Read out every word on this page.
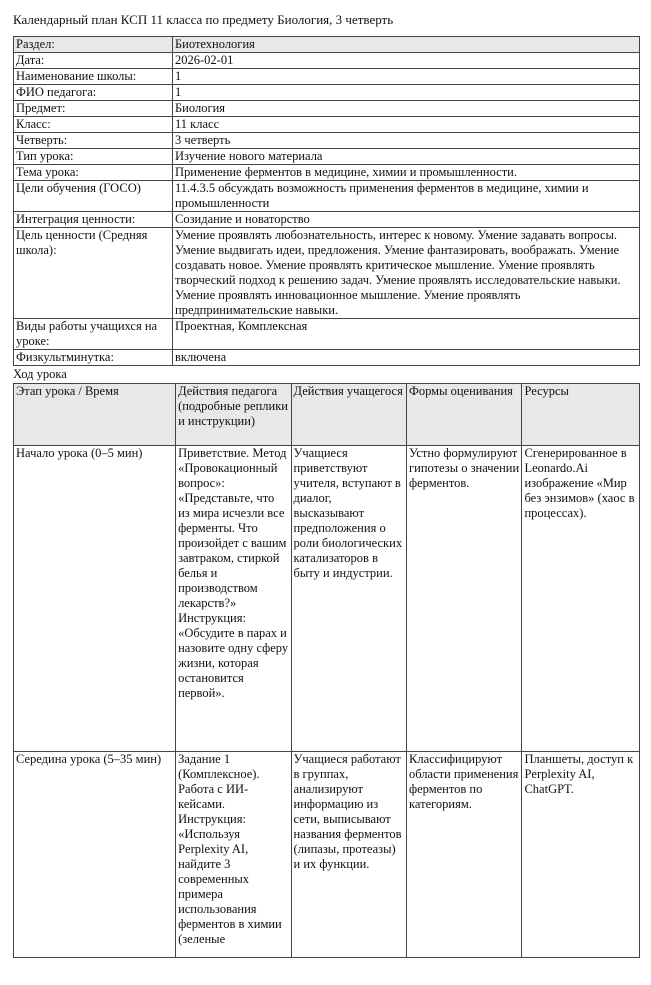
Календарный план КСП 11 класса по предмету Биология, 3 четверть
Раздел:	Биотехнология
Дата:	2026-02-01
Наименование школы:	1
ФИО педагога:	1
Предмет:	Биология
Класс:	11 класс
Четверть:	3 четверть
Тип урока:	Изучение нового материала
Тема урока:	Применение ферментов в медицине, химии и промышленности.
Цели обучения (ГОСО)	11.4.3.5 обсуждать возможность применения ферментов в медицине, химии и промышленности
Интеграция ценности:	Созидание и новаторство
Цель ценности (Средняя школа):	Умение проявлять любознательность, интерес к новому. Умение задавать вопросы. Умение выдвигать идеи, предложения. Умение фантазировать, воображать. Умение создавать новое. Умение проявлять критическое мышление. Умение проявлять творческий подход к решению задач. Умение проявлять исследовательские навыки. Умение проявлять инновационное мышление. Умение проявлять предпринимательские навыки.
Виды работы учащихся на уроке:	Проектная, Комплексная
Физкультминутка:	включена
Ход урока
Этап урока / Время	Действия педагога (подробные реплики и инструкции)	Действия учащегося	Формы оценивания	Ресурсы
Начало урока (0–5 мин)	Приветствие. Метод «Провокационный вопрос»: «Представьте, что из мира исчезли все ферменты. Что произойдет с вашим завтраком, стиркой белья и производством лекарств?» Инструкция: «Обсудите в парах и назовите одну сферу жизни, которая остановится первой».	Учащиеся приветствуют учителя, вступают в диалог, высказывают предположения о роли биологических катализаторов в быту и индустрии.	Устно формулируют гипотезы о значении ферментов.	Сгенерированное в Leonardo.Ai изображение «Мир без энзимов» (хаос в процессах).
Середина урока (5–35 мин)	Задание 1 (Комплексное). Работа с ИИ-кейсами. Инструкция: «Используя Perplexity AI, найдите 3 современных примера использования ферментов в химии (зеленые	Учащиеся работают в группах, анализируют информацию из сети, выписывают названия ферментов (липазы, протеазы) и их функции.	Классифицируют области применения ферментов по категориям.	Планшеты, доступ к Perplexity AI, ChatGPT.
